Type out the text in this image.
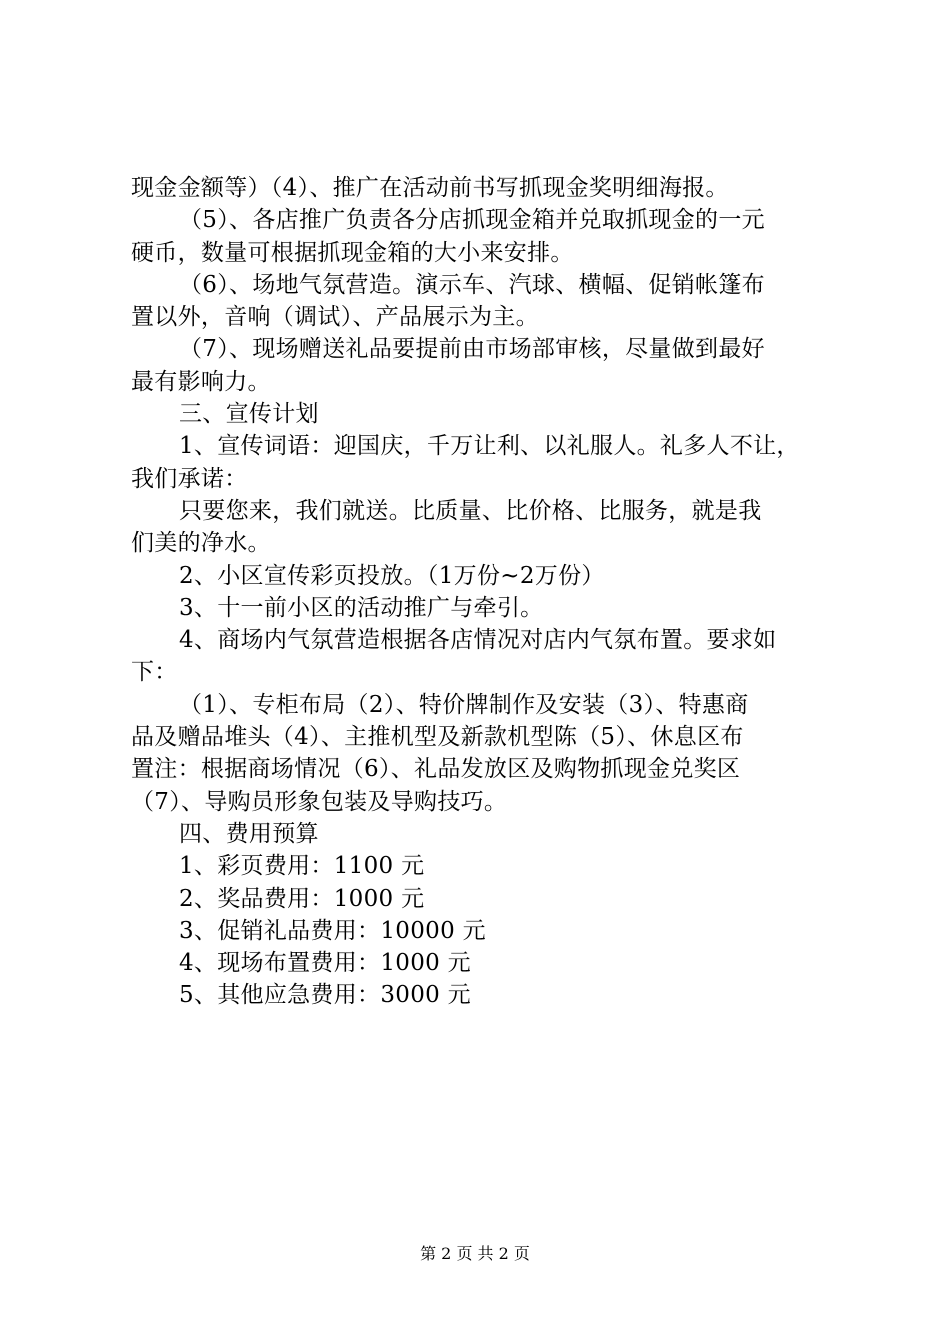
现金金额等）（4）、推广在活动前书写抓现金奖明细海报。

（5）、各店推广负责各分店抓现金箱并兑取抓现金的一元
硬币，数量可根据抓现金箱的大小来安排。

（6）、场地气氛营造。演示车、汽球、横幅、促销帐篷布
置以外，音响（调试）、产品展示为主。

（7）、现场赠送礼品要提前由市场部审核，尽量做到最好
最有影响力。

三、宣传计划

1、宣传词语：迎国庆，千万让利、以礼服人。礼多人不让，
我们承诺：

只要您来，我们就送。比质量、比价格、比服务，就是我
们美的净水。

2、小区宣传彩页投放。（1万份~2万份）

3、十一前小区的活动推广与牵引。

4、商场内气氛营造根据各店情况对店内气氛布置。要求如
下：

（1）、专柜布局（2）、特价牌制作及安装（3）、特惠商
品及赠品堆头（4）、主推机型及新款机型陈（5）、休息区布
置注：根据商场情况（6）、礼品发放区及购物抓现金兑奖区
（7）、导购员形象包装及导购技巧。

四、费用预算

1、彩页费用：1100 元

2、奖品费用：1000 元

3、促销礼品费用：10000 元

4、现场布置费用：1000 元

5、其他应急费用：3000 元

第 2 页 共 2 页
